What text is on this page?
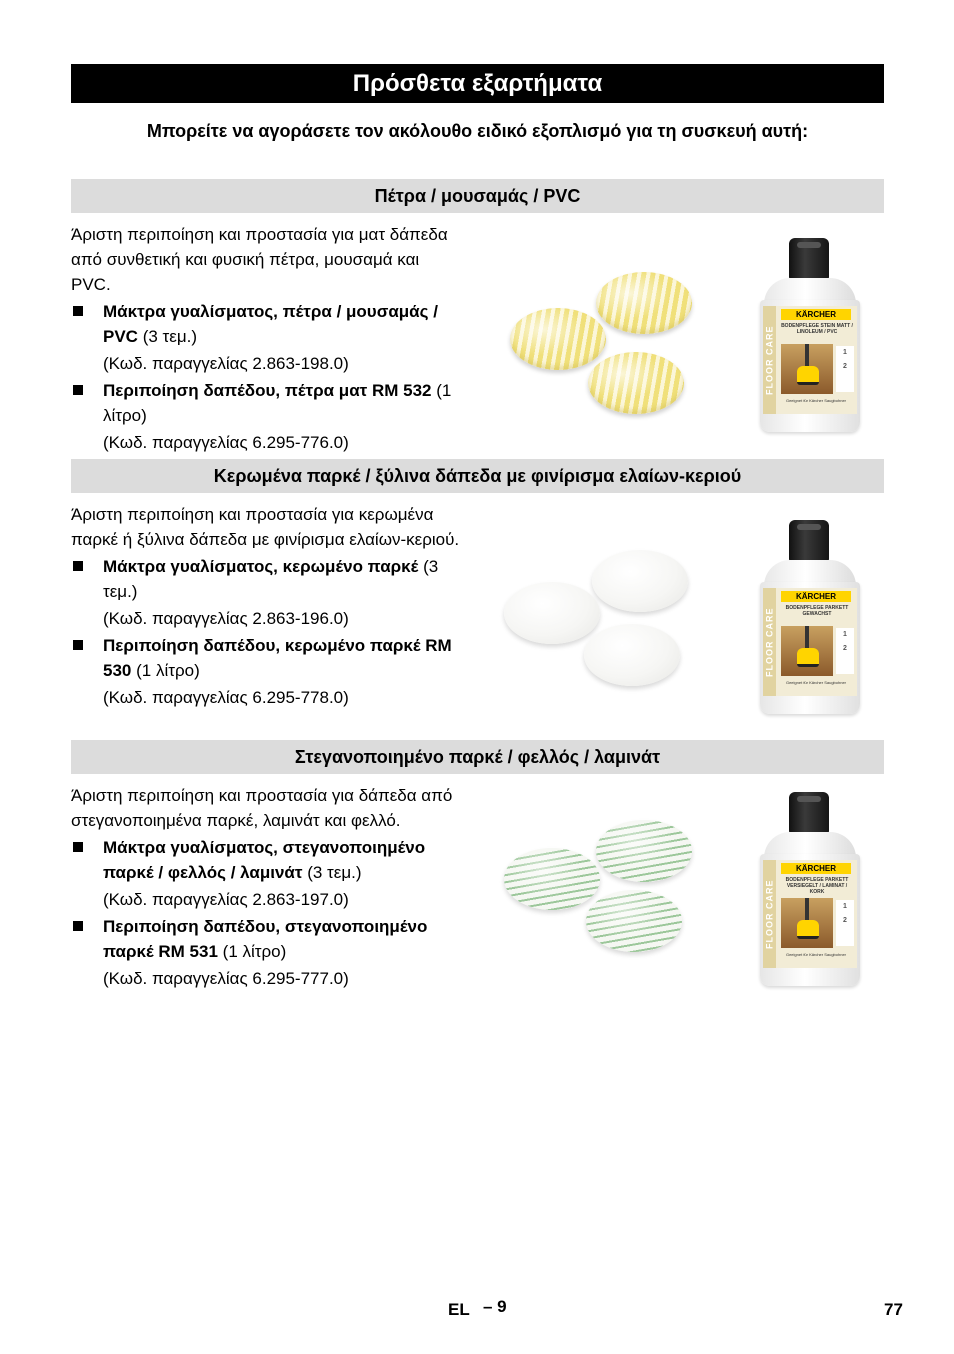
Πρόσθετα εξαρτήματα
Μπορείτε να αγοράσετε τον ακόλουθο ειδικό εξοπλισμό για τη συσκευή αυτή:
Πέτρα / μουσαμάς / PVC
Άριστη περιποίηση και προστασία για ματ δάπεδα από συνθετική και φυσική πέτρα, μουσαμά και PVC.
Μάκτρα γυαλίσματος, πέτρα / μουσαμάς / PVC (3 τεμ.)
(Κωδ. παραγγελίας 2.863-198.0)
Περιποίηση δαπέδου, πέτρα ματ RM 532 (1 λίτρο)
(Κωδ. παραγγελίας 6.295-776.0)
FLOOR CARE
KÄRCHER
BODENPFLEGE STEIN MATT / LINOLEUM / PVC
1
2
Geeignet für Kärcher Saugbohner
Κερωμένα παρκέ / ξύλινα δάπεδα με φινίρισμα ελαίων-κεριού
Άριστη περιποίηση και προστασία για κερωμένα παρκέ ή ξύλινα δάπεδα με φινίρισμα ελαίων-κεριού.
Μάκτρα γυαλίσματος, κερωμένο παρκέ (3 τεμ.)
(Κωδ. παραγγελίας 2.863-196.0)
Περιποίηση δαπέδου, κερωμένο παρκέ RM 530 (1 λίτρο)
(Κωδ. παραγγελίας 6.295-778.0)
FLOOR CARE
KÄRCHER
BODENPFLEGE PARKETT GEWACHST
1
2
Geeignet für Kärcher Saugbohner
Στεγανοποιημένο παρκέ / φελλός / λαμινάτ
Άριστη περιποίηση και προστασία για δάπεδα από στεγανοποιημένα παρκέ, λαμινάτ και φελλό.
Μάκτρα γυαλίσματος, στεγανοποιημένο παρκέ / φελλός / λαμινάτ (3 τεμ.)
(Κωδ. παραγγελίας 2.863-197.0)
Περιποίηση δαπέδου, στεγανοποιημένο παρκέ RM 531 (1 λίτρο)
(Κωδ. παραγγελίας 6.295-777.0)
FLOOR CARE
KÄRCHER
BODENPFLEGE PARKETT VERSIEGELT / LAMINAT / KORK
1
2
Geeignet für Kärcher Saugbohner
EL – 9	77
